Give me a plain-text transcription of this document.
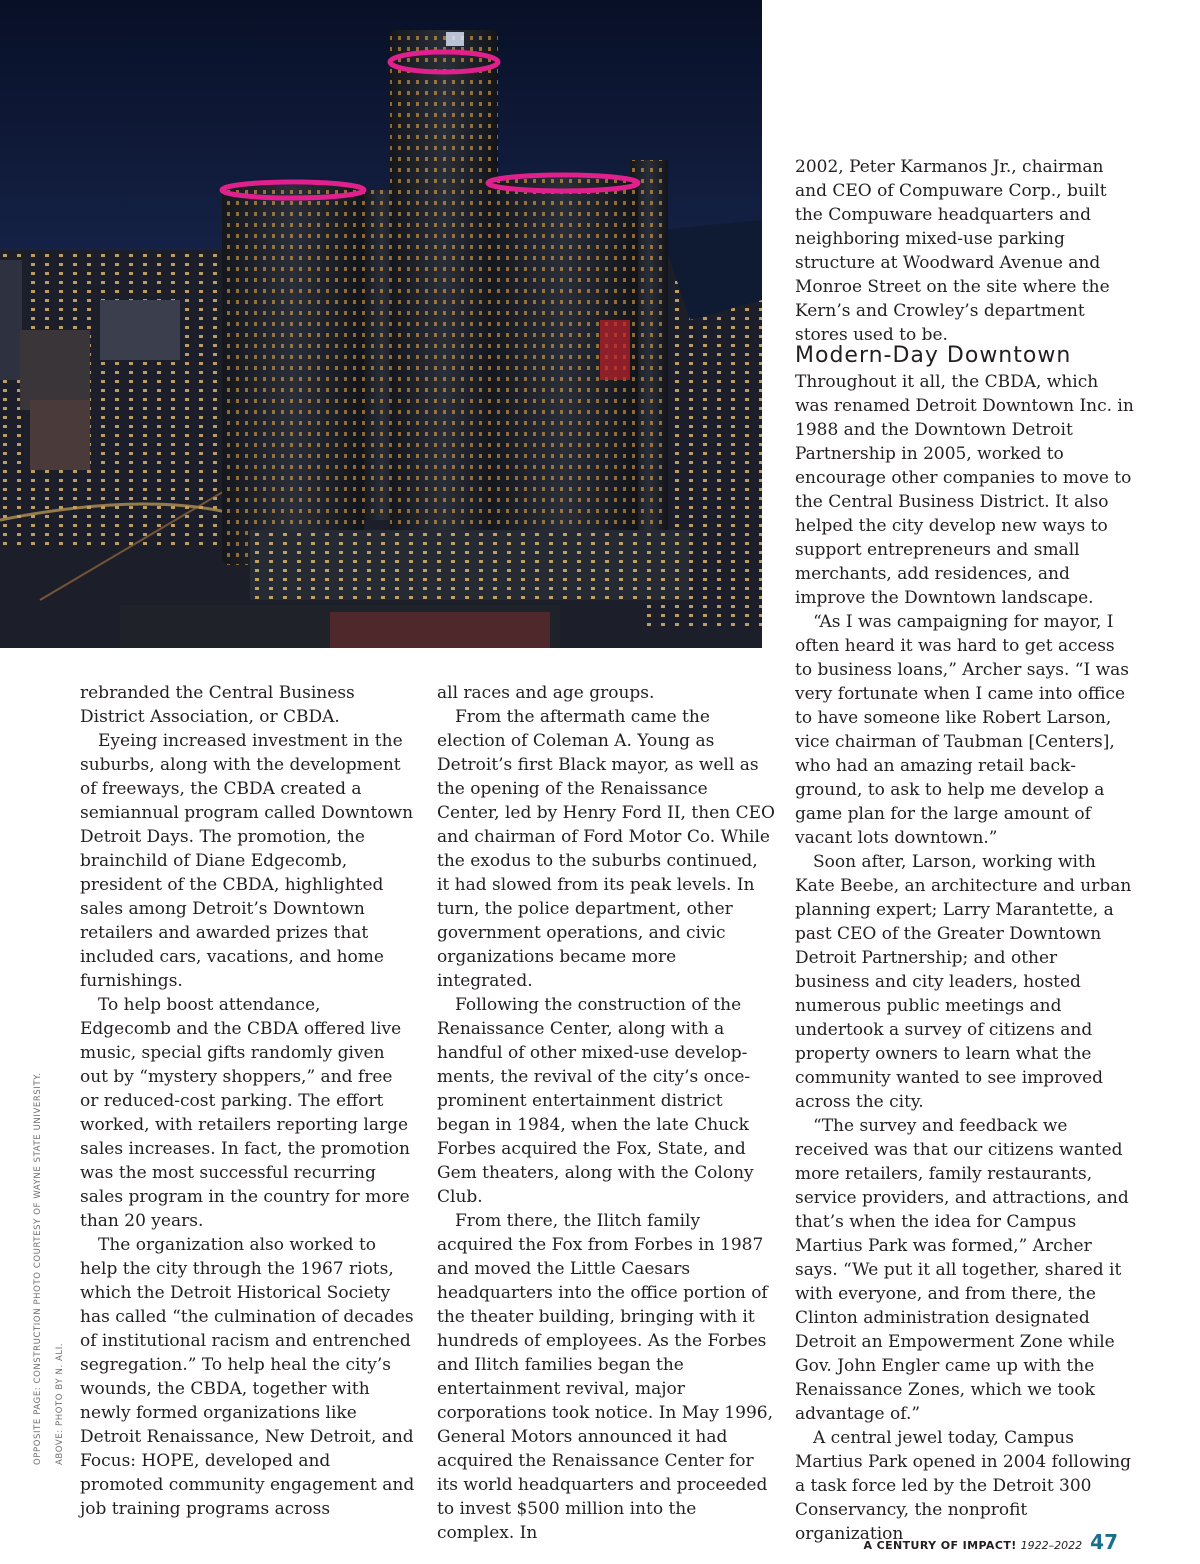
rebranded the Central Business District Association, or CBDA.

Eyeing increased investment in the suburbs, along with the development of freeways, the CBDA created a semiannual program called Downtown Detroit Days. The promotion, the brainchild of Diane Edgecomb, president of the CBDA, highlighted sales among Detroit’s Downtown retailers and awarded prizes that included cars, vacations, and home furnishings.

To help boost attendance, Edgecomb and the CBDA offered live music, special gifts randomly given out by “mystery shoppers,” and free or reduced-cost parking. The effort worked, with retailers reporting large sales increases. In fact, the promotion was the most successful recurring sales program in the country for more than 20 years.

The organization also worked to help the city through the 1967 riots, which the Detroit Historical Society has called “the culmination of decades of institutional racism and entrenched segregation.” To help heal the city’s wounds, the CBDA, together with newly formed organizations like Detroit Renaissance, New Detroit, and Focus: HOPE, developed and promoted community engagement and job training programs across

all races and age groups.

From the aftermath came the election of Coleman A. Young as Detroit’s first Black mayor, as well as the opening of the Renaissance Center, led by Henry Ford II, then CEO and chairman of Ford Motor Co. While the exodus to the suburbs continued, it had slowed from its peak levels. In turn, the police department, other government operations, and civic organizations became more integrated.

Following the construction of the Renaissance Center, along with a handful of other mixed-use developments, the revival of the city’s once-prominent entertainment district began in 1984, when the late Chuck Forbes acquired the Fox, State, and Gem theaters, along with the Colony Club.

From there, the Ilitch family acquired the Fox from Forbes in 1987 and moved the Little Caesars headquarters into the office portion of the theater building, bringing with it hundreds of employees. As the Forbes and Ilitch families began the entertainment revival, major corporations took notice. In May 1996, General Motors announced it had acquired the Renaissance Center for its world headquarters and proceeded to invest $500 million into the complex. In

2002, Peter Karmanos Jr., chairman and CEO of Compuware Corp., built the Compuware headquarters and neighboring mixed-use parking structure at Woodward Avenue and Monroe Street on the site where the Kern’s and Crowley’s department stores used to be.

Modern-Day Downtown

Throughout it all, the CBDA, which was renamed Detroit Downtown Inc. in 1988 and the Downtown Detroit Partnership in 2005, worked to encourage other companies to move to the Central Business District. It also helped the city develop new ways to support entrepreneurs and small merchants, add residences, and improve the Downtown landscape.

“As I was campaigning for mayor, I often heard it was hard to get access to business loans,” Archer says. “I was very fortunate when I came into office to have someone like Robert Larson, vice chairman of Taubman [Centers], who had an amazing retail background, to ask to help me develop a game plan for the large amount of vacant lots downtown.”

Soon after, Larson, working with Kate Beebe, an architecture and urban planning expert; Larry Marantette, a past CEO of the Greater Downtown Detroit Partnership; and other business and city leaders, hosted numerous public meetings and undertook a survey of citizens and property owners to learn what the community wanted to see improved across the city.

“The survey and feedback we received was that our citizens wanted more retailers, family restaurants, service providers, and attractions, and that’s when the idea for Campus Martius Park was formed,” Archer says. “We put it all together, shared it with everyone, and from there, the Clinton administration designated Detroit an Empowerment Zone while Gov. John Engler came up with the Renaissance Zones, which we took advantage of.”

A central jewel today, Campus Martius Park opened in 2004 following a task force led by the Detroit 300 Conservancy, the nonprofit organization

OPPOSITE PAGE: CONSTRUCTION PHOTO COURTESY OF WAYNE STATE UNIVERSITY. ABOVE: PHOTO BY N. ALI.
A CENTURY OF IMPACT! 1922–2022 47
